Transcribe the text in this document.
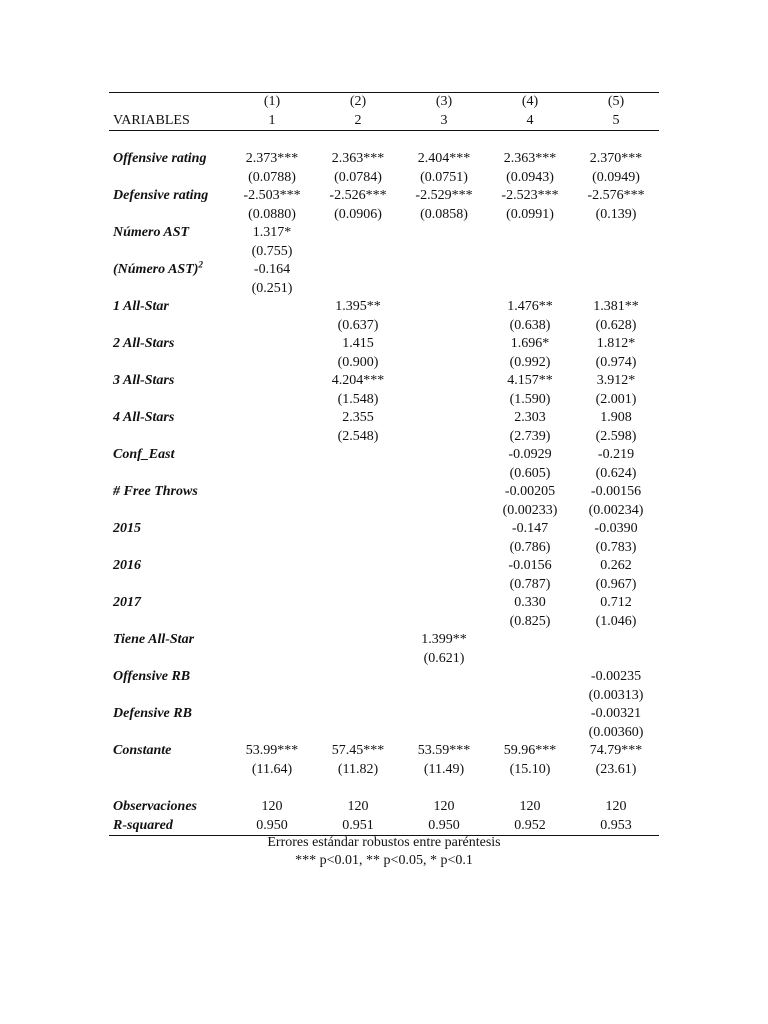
	(1)	(2)	(3)	(4)	(5)
VARIABLES	1	2	3	4	5

Offensive rating	2.373***	2.363***	2.404***	2.363***	2.370***
	(0.0788)	(0.0784)	(0.0751)	(0.0943)	(0.0949)
Defensive rating	-2.503***	-2.526***	-2.529***	-2.523***	-2.576***
	(0.0880)	(0.0906)	(0.0858)	(0.0991)	(0.139)
Número AST	1.317*				
	(0.755)				
(Número AST)$^2$	-0.164				
	(0.251)				
1 All-Star		1.395**		1.476**	1.381**
		(0.637)		(0.638)	(0.628)
2 All-Stars		1.415		1.696*	1.812*
		(0.900)		(0.992)	(0.974)
3 All-Stars		4.204***		4.157**	3.912*
		(1.548)		(1.590)	(2.001)
4 All-Stars		2.355		2.303	1.908
		(2.548)		(2.739)	(2.598)
Conf_East				-0.0929	-0.219
				(0.605)	(0.624)
# Free Throws				-0.00205	-0.00156
				(0.00233)	(0.00234)
2015				-0.147	-0.0390
				(0.786)	(0.783)
2016				-0.0156	0.262
				(0.787)	(0.967)
2017				0.330	0.712
				(0.825)	(1.046)
Tiene All-Star			1.399**		
			(0.621)		
Offensive RB					-0.00235
					(0.00313)
Defensive RB					-0.00321
					(0.00360)
Constante	53.99***	57.45***	53.59***	59.96***	74.79***
	(11.64)	(11.82)	(11.49)	(15.10)	(23.61)

Observaciones	120	120	120	120	120
R-squared	0.950	0.951	0.950	0.952	0.953
Errores estándar robustos entre paréntesis
*** p<0.01, ** p<0.05, * p<0.1
